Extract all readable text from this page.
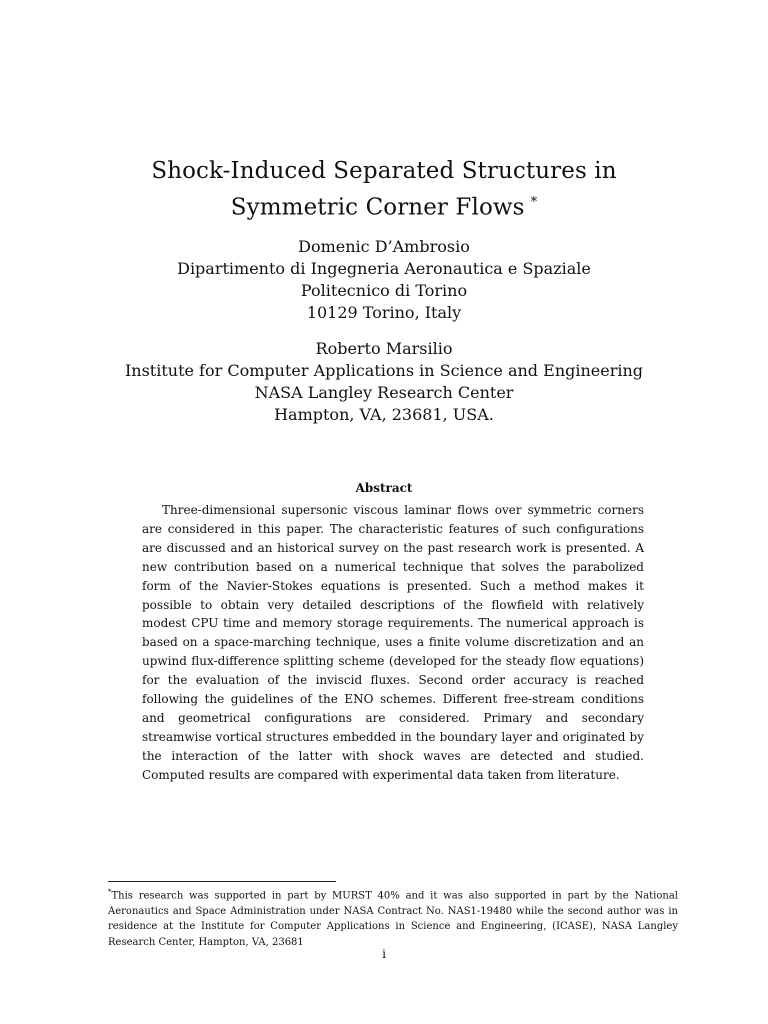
Shock-Induced Separated Structures in
Symmetric Corner Flows *
Domenic D’Ambrosio
Dipartimento di Ingegneria Aeronautica e Spaziale
Politecnico di Torino
10129 Torino, Italy
Roberto Marsilio
Institute for Computer Applications in Science and Engineering
NASA Langley Research Center
Hampton, VA, 23681, USA.
Abstract

Three-dimensional supersonic viscous laminar flows over symmetric corners are considered in this paper. The characteristic features of such configurations are discussed and an historical survey on the past research work is presented. A new contribution based on a numerical technique that solves the parabolized form of the Navier-Stokes equations is presented. Such a method makes it possible to obtain very detailed descriptions of the flowfield with relatively modest CPU time and memory storage requirements. The numerical approach is based on a space-marching technique, uses a finite volume discretization and an upwind flux-difference splitting scheme (developed for the steady flow equations) for the evaluation of the inviscid fluxes. Second order accuracy is reached following the guidelines of the ENO schemes. Different free-stream conditions and geometrical configurations are considered. Primary and secondary streamwise vortical structures embedded in the boundary layer and originated by the interaction of the latter with shock waves are detected and studied. Computed results are compared with experimental data taken from literature.

*This research was supported in part by MURST 40% and it was also supported in part by the National Aeronautics and Space Administration under NASA Contract No. NAS1-19480 while the second author was in residence at the Institute for Computer Applications in Science and Engineering, (ICASE), NASA Langley Research Center, Hampton, VA, 23681
i
